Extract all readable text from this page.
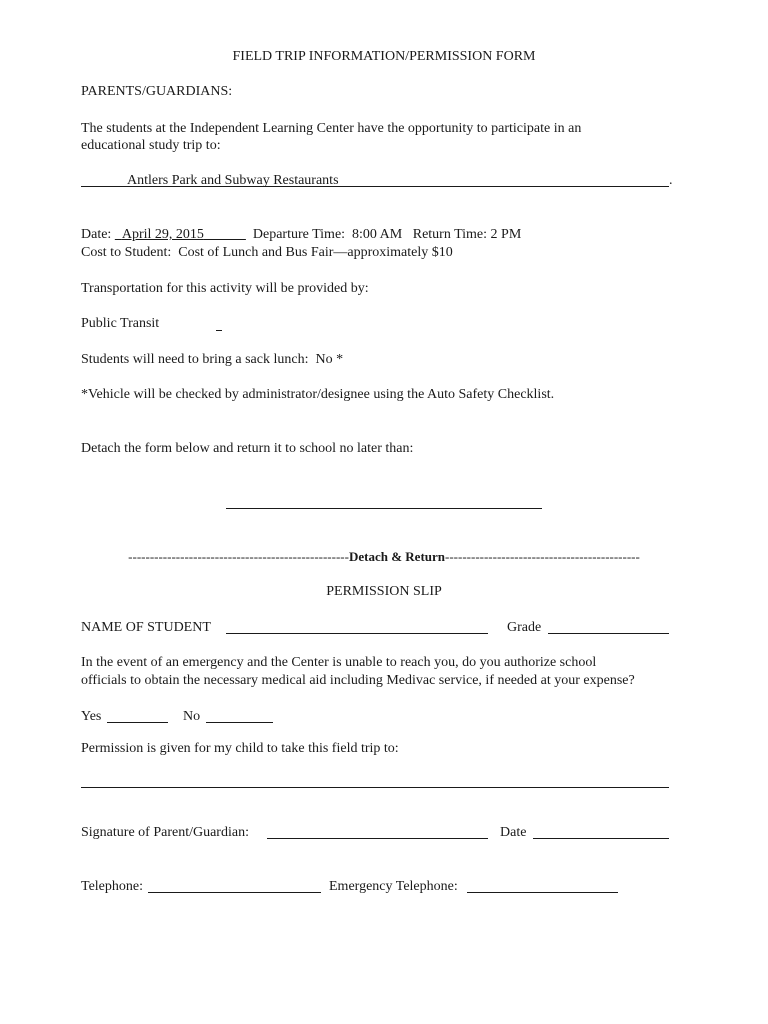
FIELD TRIP INFORMATION/PERMISSION FORM
PARENTS/GUARDIANS:
The students at the Independent Learning Center have the opportunity to participate in an
educational study trip to:
Antlers Park and Subway Restaurants	.
Date: April 29, 2015	Departure Time: 8:00 AM Return Time: 2 PM
Cost to Student: Cost of Lunch and Bus Fair—approximately $10
Transportation for this activity will be provided by:
Public Transit
Students will need to bring a sack lunch: No *
*Vehicle will be checked by administrator/designee using the Auto Safety Checklist.
Detach the form below and return it to school no later than:
---------------------------------------------------Detach & Return---------------------------------------------
PERMISSION SLIP
NAME OF STUDENT	Grade
In the event of an emergency and the Center is unable to reach you, do you authorize school
officials to obtain the necessary medical aid including Medivac service, if needed at your expense?
Yes	No
Permission is given for my child to take this field trip to:
Signature of Parent/Guardian:	Date
Telephone:	Emergency Telephone:
